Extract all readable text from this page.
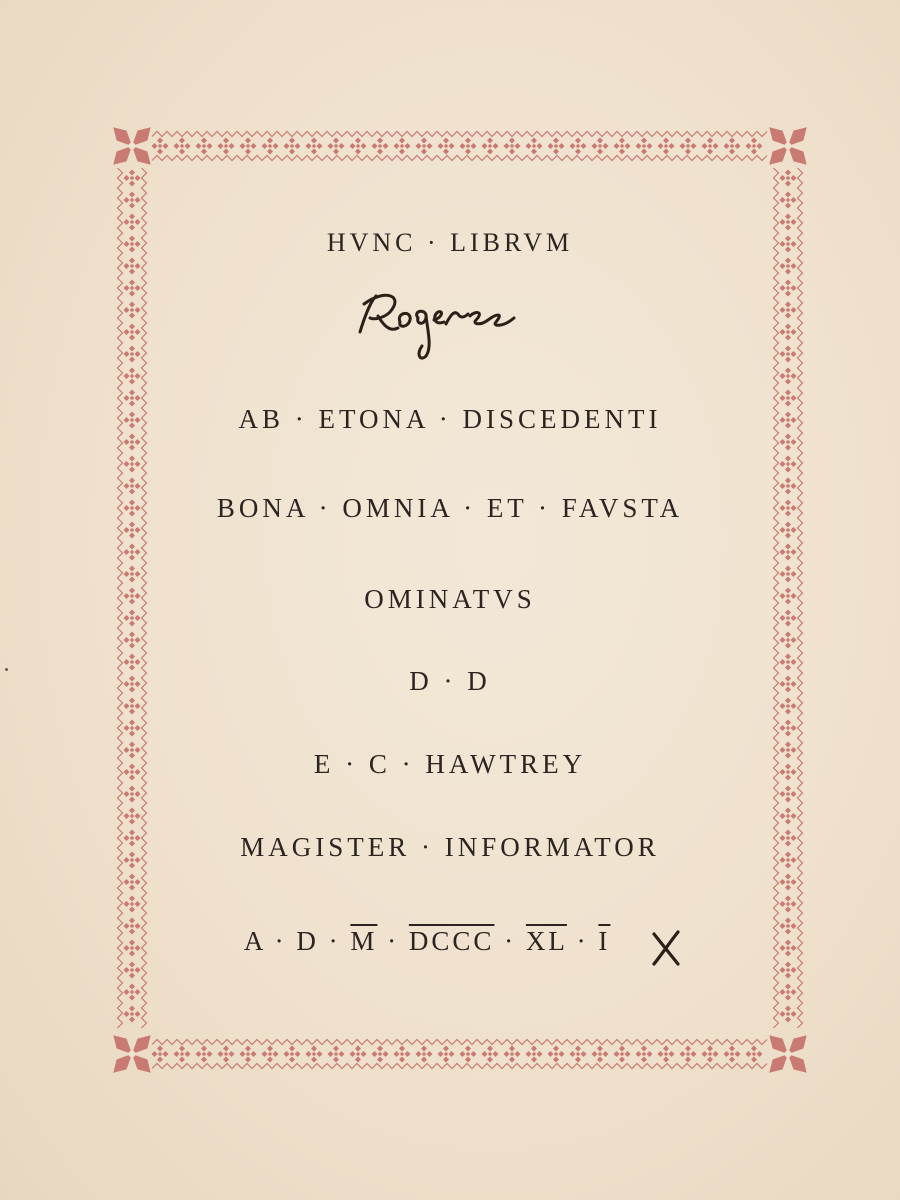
HVNC · LIBRVM
AB · ETONA · DISCEDENTI
BONA · OMNIA · ET · FAVSTA
OMINATVS
D · D
E · C · HAWTREY
MAGISTER · INFORMATOR
$A \cdot D \cdot \overline{M}$ · DCCC · $\overline{XL} \cdot \overline{I}$
